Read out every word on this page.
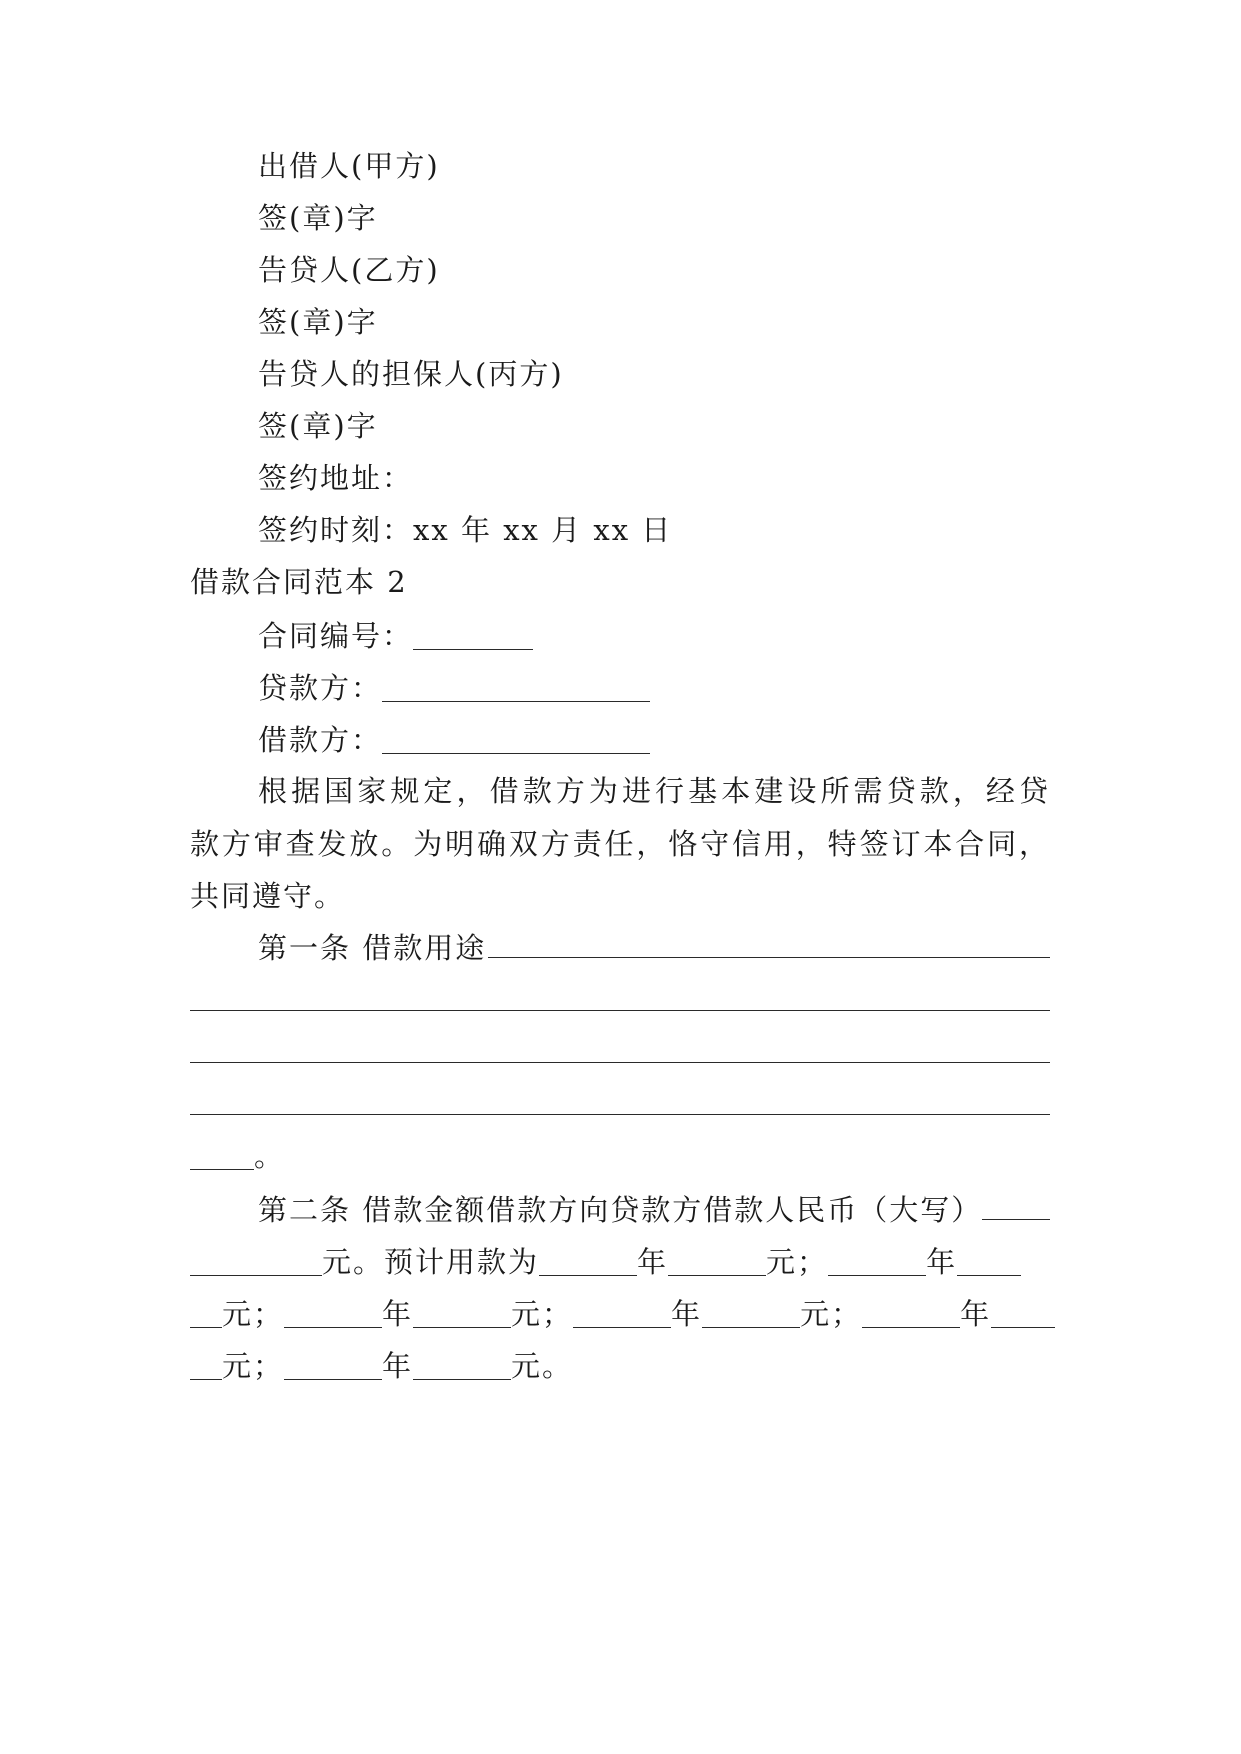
出借人(甲方)
签(章)字
告贷人(乙方)
签(章)字
告贷人的担保人(丙方)
签(章)字
签约地址：
签约时刻：xx 年 xx 月 xx 日
借款合同范本 2
合同编号：
贷款方：
借款方：
根据国家规定，借款方为进行基本建设所需贷款，经贷
款方审查发放。为明确双方责任，恪守信用，特签订本合同，
共同遵守。
第一条 借款用途
。
第二条 借款金额借款方向贷款方借款人民币（大写）
元。预计用款为	年	元；	年
元；	年	元；	年	元；	年
元；	年	元。
